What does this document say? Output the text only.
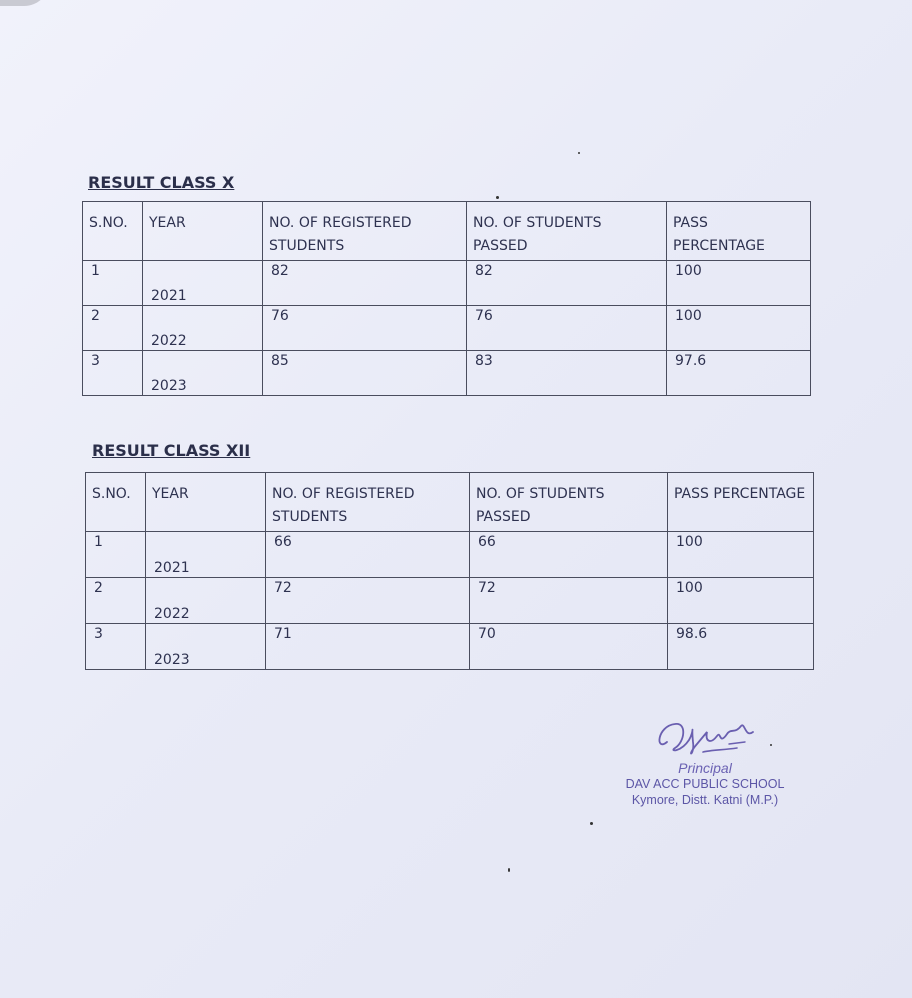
RESULT CLASS X
S.NO.	YEAR	NO. OF REGISTERED STUDENTS	NO. OF STUDENTS PASSED	PASS PERCENTAGE

1	2021	82	82	100

2	2022	76	76	100

3	2023	85	83	97.6
RESULT CLASS XII
S.NO.	YEAR	NO. OF REGISTERED STUDENTS	NO. OF STUDENTS PASSED	PASS PERCENTAGE

1	2021	66	66	100

2	2022	72	72	100

3	2023	71	70	98.6
Principal
DAV ACC PUBLIC SCHOOL
Kymore, Distt. Katni (M.P.)
